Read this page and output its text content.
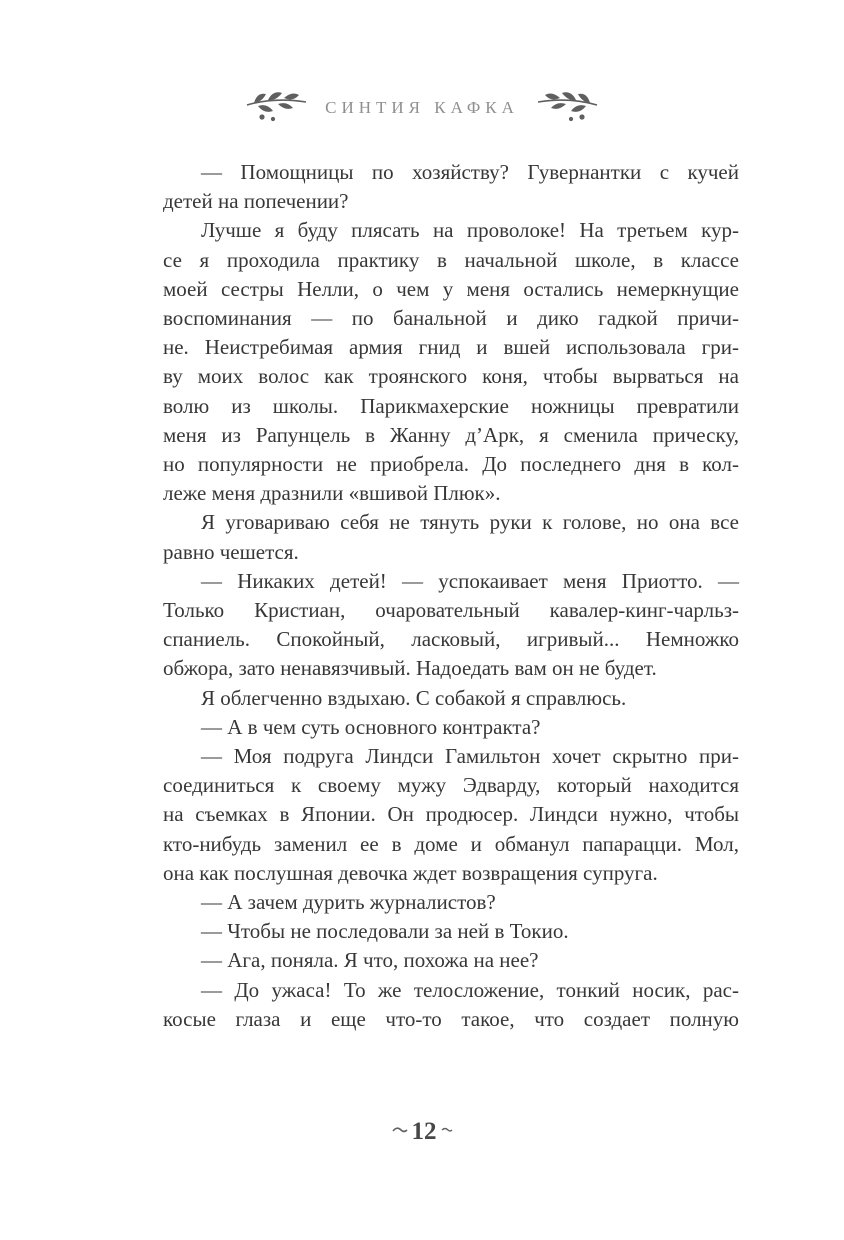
СИНТИЯ КАФКА
— Помощницы по хозяйству? Гувернантки с кучей
детей на попечении?
Лучше я буду плясать на проволоке! На третьем кур-
се я проходила практику в начальной школе, в классе
моей сестры Нелли, о чем у меня остались немеркнущие
воспоминания — по банальной и дико гадкой причи-
не. Неистребимая армия гнид и вшей использовала гри-
ву моих волос как троянского коня, чтобы вырваться на
волю из школы. Парикмахерские ножницы превратили
меня из Рапунцель в Жанну д’Арк, я сменила прическу,
но популярности не приобрела. До последнего дня в кол-
леже меня дразнили «вшивой Плюк».
Я уговариваю себя не тянуть руки к голове, но она все
равно чешется.
— Никаких детей! — успокаивает меня Приотто. —
Только Кристиан, очаровательный кавалер-кинг-чарльз-
спаниель. Спокойный, ласковый, игривый... Немножко
обжора, зато ненавязчивый. Надоедать вам он не будет.
Я облегченно вздыхаю. С собакой я справлюсь.
— А в чем суть основного контракта?
— Моя подруга Линдси Гамильтон хочет скрытно при-
соединиться к своему мужу Эдварду, который находится
на съемках в Японии. Он продюсер. Линдси нужно, чтобы
кто-нибудь заменил ее в доме и обманул папарацци. Мол,
она как послушная девочка ждет возвращения супруга.
— А зачем дурить журналистов?
— Чтобы не последовали за ней в Токио.
— Ага, поняла. Я что, похожа на нее?
— До ужаса! То же телосложение, тонкий носик, рас-
косые глаза и еще что-то такое, что создает полную
12
